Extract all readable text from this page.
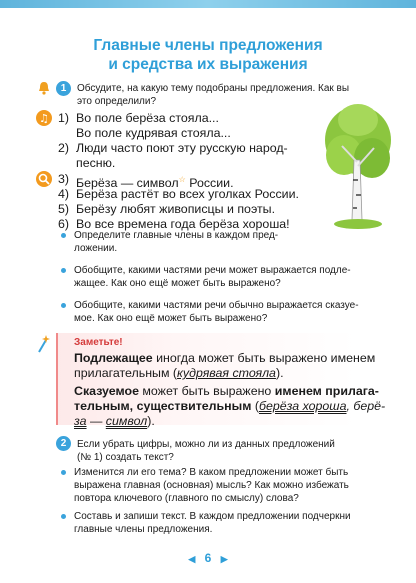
Главные члены предложения
и средства их выражения
1	Обсудите, на какую тему подобраны предложения. Как вы
это определили?
♫ 1) Во поле берёза стояла...
Во поле кудрявая стояла...
2) Люди часто поют эту русскую народ-
песню.
3) Берёза — символ☆ России.
4) Берёза растёт во всех уголках России.
5) Берёзу любят живописцы и поэты.
6) Во все времена года берёза хороша!
Определите главные члены в каждом пред-
ложении.
Обобщите, какими частями речи может выражается подле-
жащее. Как оно ещё может быть выражено?
Обобщите, какими частями речи обычно выражается сказуе-
мое. Как оно ещё может быть выражено?
Заметьте!
Подлежащее иногда может быть выражено именем
прилагательным (кудрявая стояла).
Сказуемое может быть выражено именем прилага-
тельным, существительным (берёза хороша, берё-
за — символ).
2	Если убрать цифры, можно ли из данных предложений
(№ 1) создать текст?
Изменится ли его тема? В каком предложении может быть
выражена главная (основная) мысль? Как можно избежать
повтора ключевого (главного по смыслу) слова?
Составь и запиши текст. В каждом предложении подчеркни
главные члены предложения.
◀ 6 ▶
